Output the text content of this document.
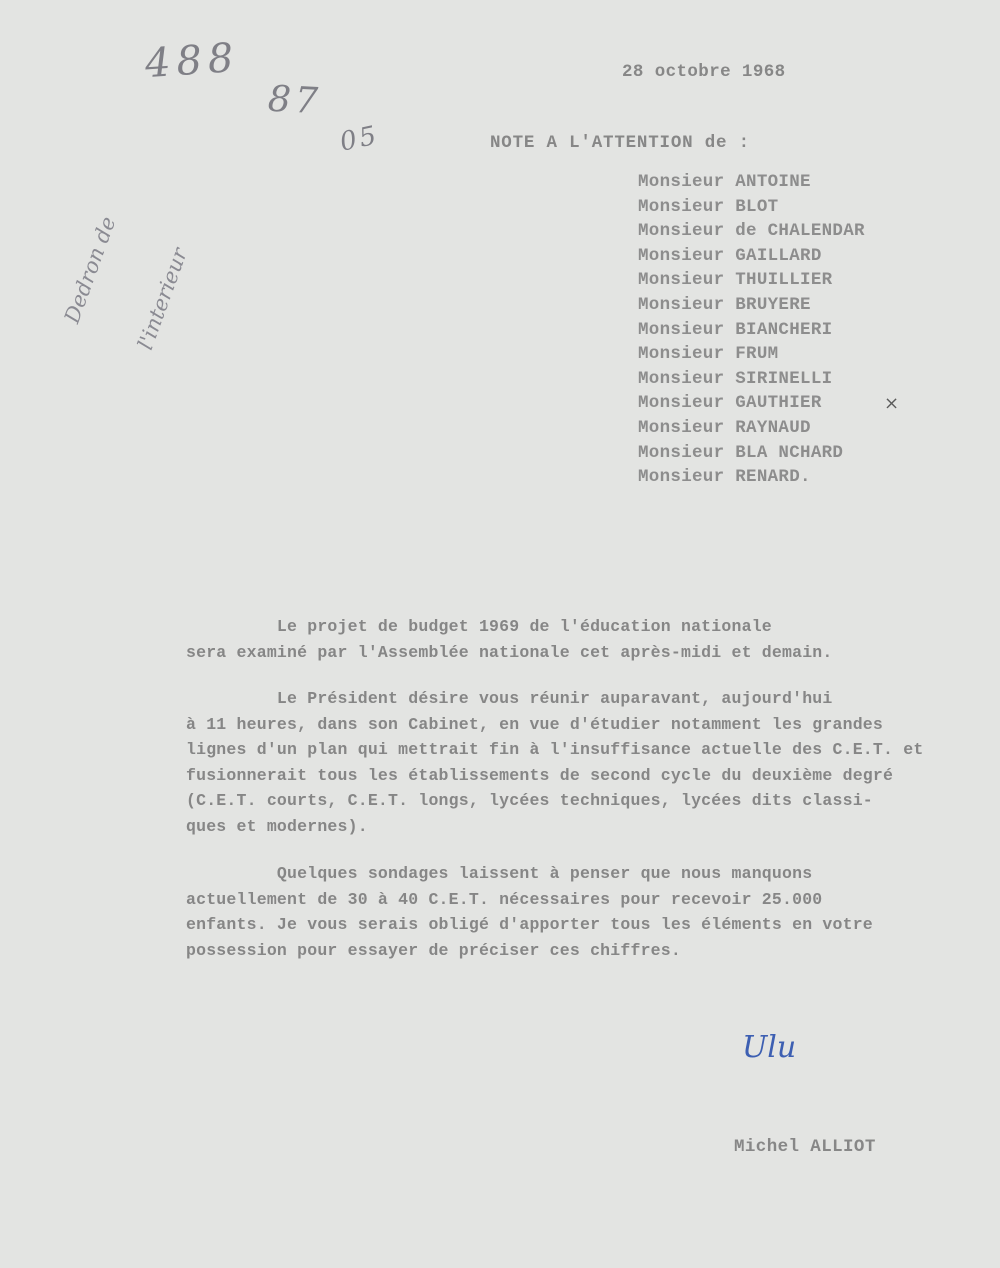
488
87
05

Dedron de

l'interieur

28 octobre 1968
NOTE A L'ATTENTION de :
Monsieur ANTOINE
Monsieur BLOT
Monsieur de CHALENDAR
Monsieur GAILLARD
Monsieur THUILLIER
Monsieur BRUYERE
Monsieur BIANCHERI
Monsieur FRUM
Monsieur SIRINELLI
Monsieur GAUTHIER
Monsieur RAYNAUD
Monsieur BLA NCHARD
Monsieur RENARD.
×
Le projet de budget 1969 de l'éducation nationale
sera examiné par l'Assemblée nationale cet après-midi et demain.
Le Président désire vous réunir auparavant, aujourd'hui
à 11 heures, dans son Cabinet, en vue d'étudier notamment les grandes
lignes d'un plan qui mettrait fin à l'insuffisance actuelle des C.E.T. et
fusionnerait tous les établissements de second cycle du deuxième degré
(C.E.T. courts, C.E.T. longs, lycées techniques, lycées dits classi-
ques et modernes).
Quelques sondages laissent à penser que nous manquons
actuellement de 30 à 40 C.E.T. nécessaires pour recevoir 25.000
enfants. Je vous serais obligé d'apporter tous les éléments en votre
possession pour essayer de préciser ces chiffres.
Ulu
Michel ALLIOT
